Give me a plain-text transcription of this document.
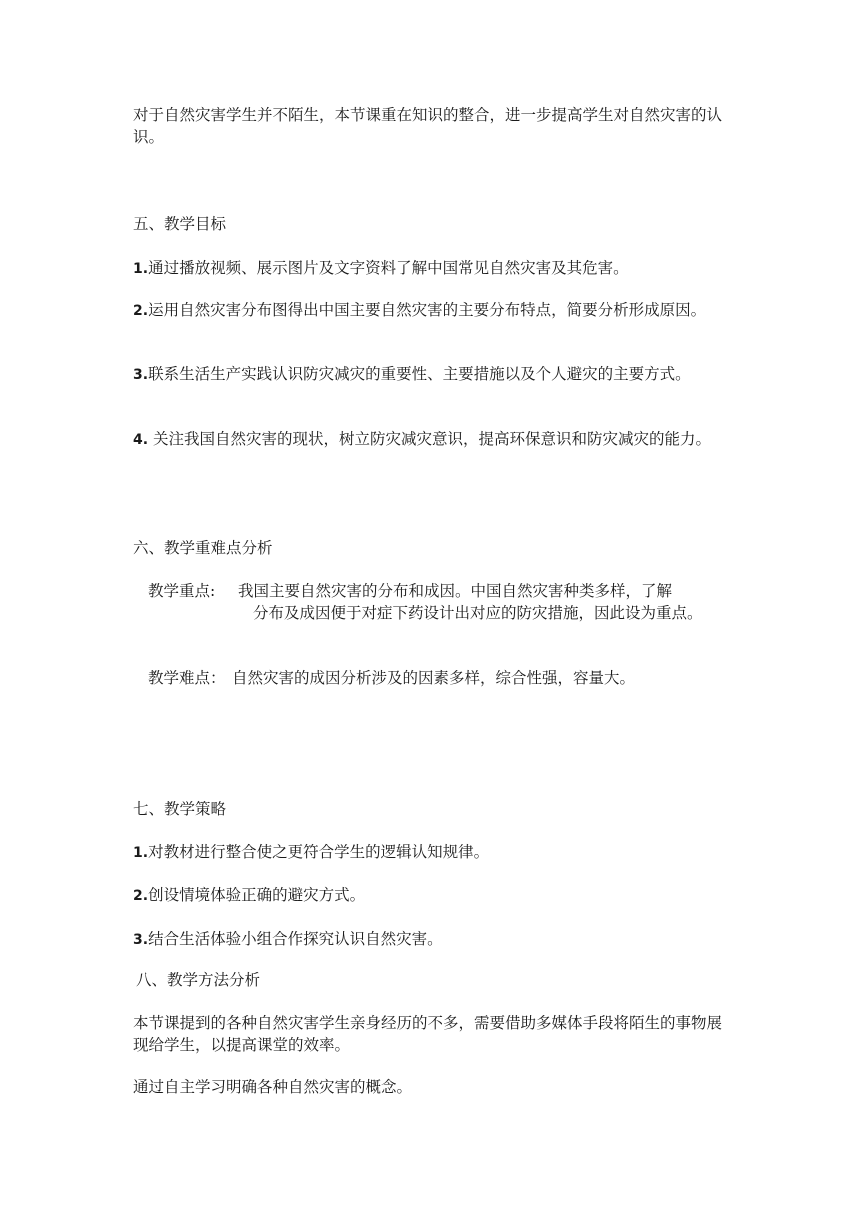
对于自然灾害学生并不陌生，本节课重在知识的整合，进一步提高学生对自然灾害的认识。

五、教学目标

1.通过播放视频、展示图片及文字资料了解中国常见自然灾害及其危害。

2.运用自然灾害分布图得出中国主要自然灾害的主要分布特点，简要分析形成原因。

3.联系生活生产实践认识防灾减灾的重要性、主要措施以及个人避灾的主要方式。

4. 关注我国自然灾害的现状，树立防灾减灾意识，提高环保意识和防灾减灾的能力。

六、教学重难点分析
教学重点: 我国主要自然灾害的分布和成因。中国自然灾害种类多样，了解

分布及成因便于对症下药设计出对应的防灾措施，因此设为重点。

教学难点： 自然灾害的成因分析涉及的因素多样，综合性强，容量大。
七、教学策略

1.对教材进行整合使之更符合学生的逻辑认知规律。

2.创设情境体验正确的避灾方式。

3.结合生活体验小组合作探究认识自然灾害。

八、教学方法分析

本节课提到的各种自然灾害学生亲身经历的不多，需要借助多媒体手段将陌生的事物展现给学生，以提高课堂的效率。

通过自主学习明确各种自然灾害的概念。
